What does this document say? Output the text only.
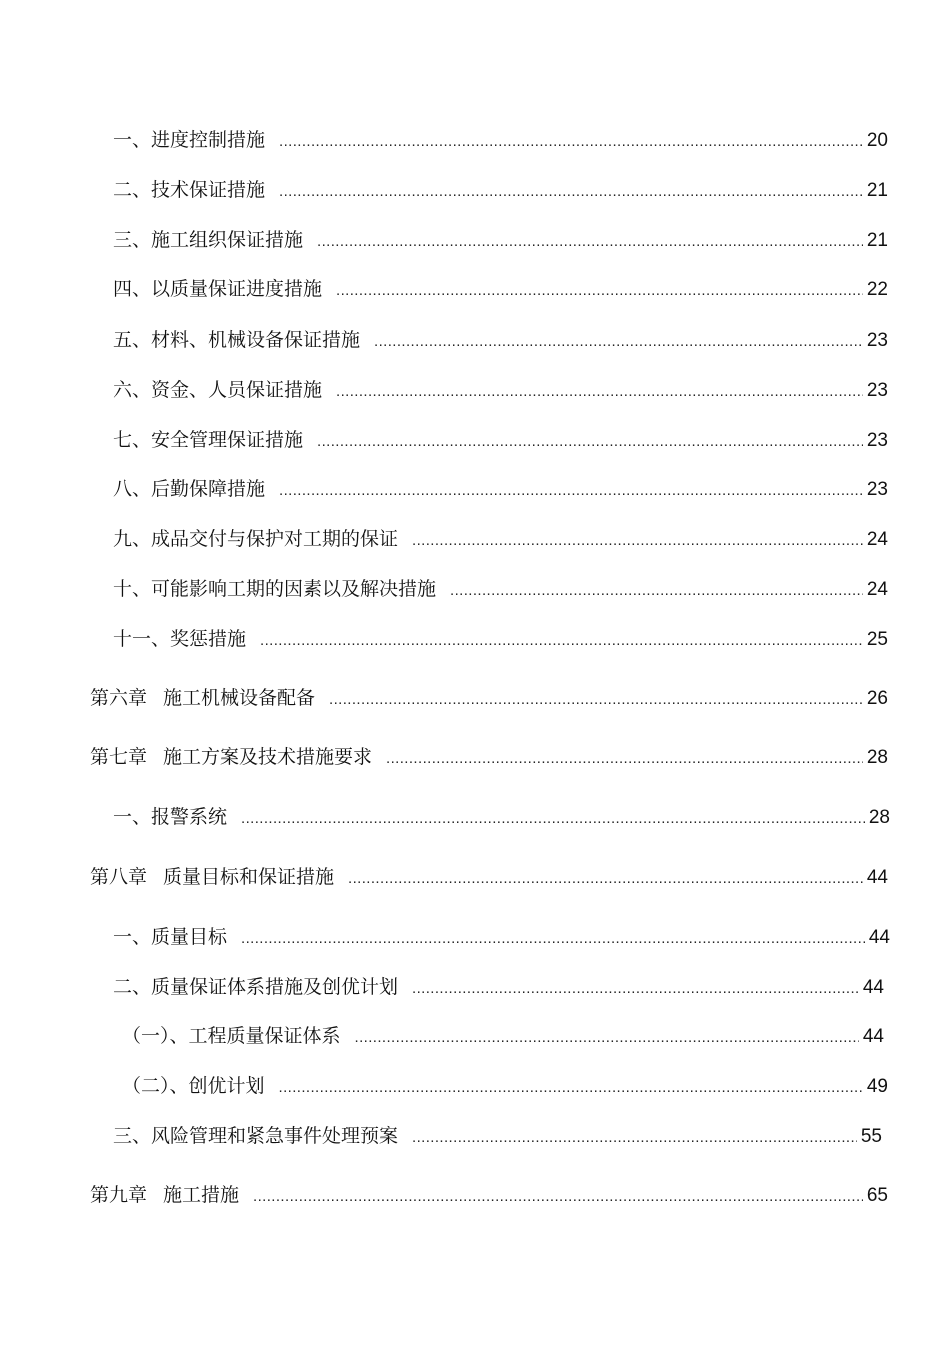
一、进度控制措施 .....	20
二、技术保证措施 .....	21
三、施工组织保证措施 .....	21
四、以质量保证进度措施 .....	22
五、材料、机械设备保证措施 .....	23
六、资金、人员保证措施 .....	23
七、安全管理保证措施 .....	23
八、后勤保障措施 .....	23
九、成品交付与保护对工期的保证 .....	24
十、可能影响工期的因素以及解决措施 .....	24
十一、奖惩措施 .....	25
第六章 施工机械设备配备 .....	26
第七章 施工方案及技术措施要求 .....	28
一、报警系统 .....	28
第八章 质量目标和保证措施 .....	44
一、质量目标 .....	44
二、质量保证体系措施及创优计划 .....	44
（一）、工程质量保证体系 .....	44
（二）、创优计划 .....	49
三、风险管理和紧急事件处理预案 .....	55
第九章 施工措施 .....	65
